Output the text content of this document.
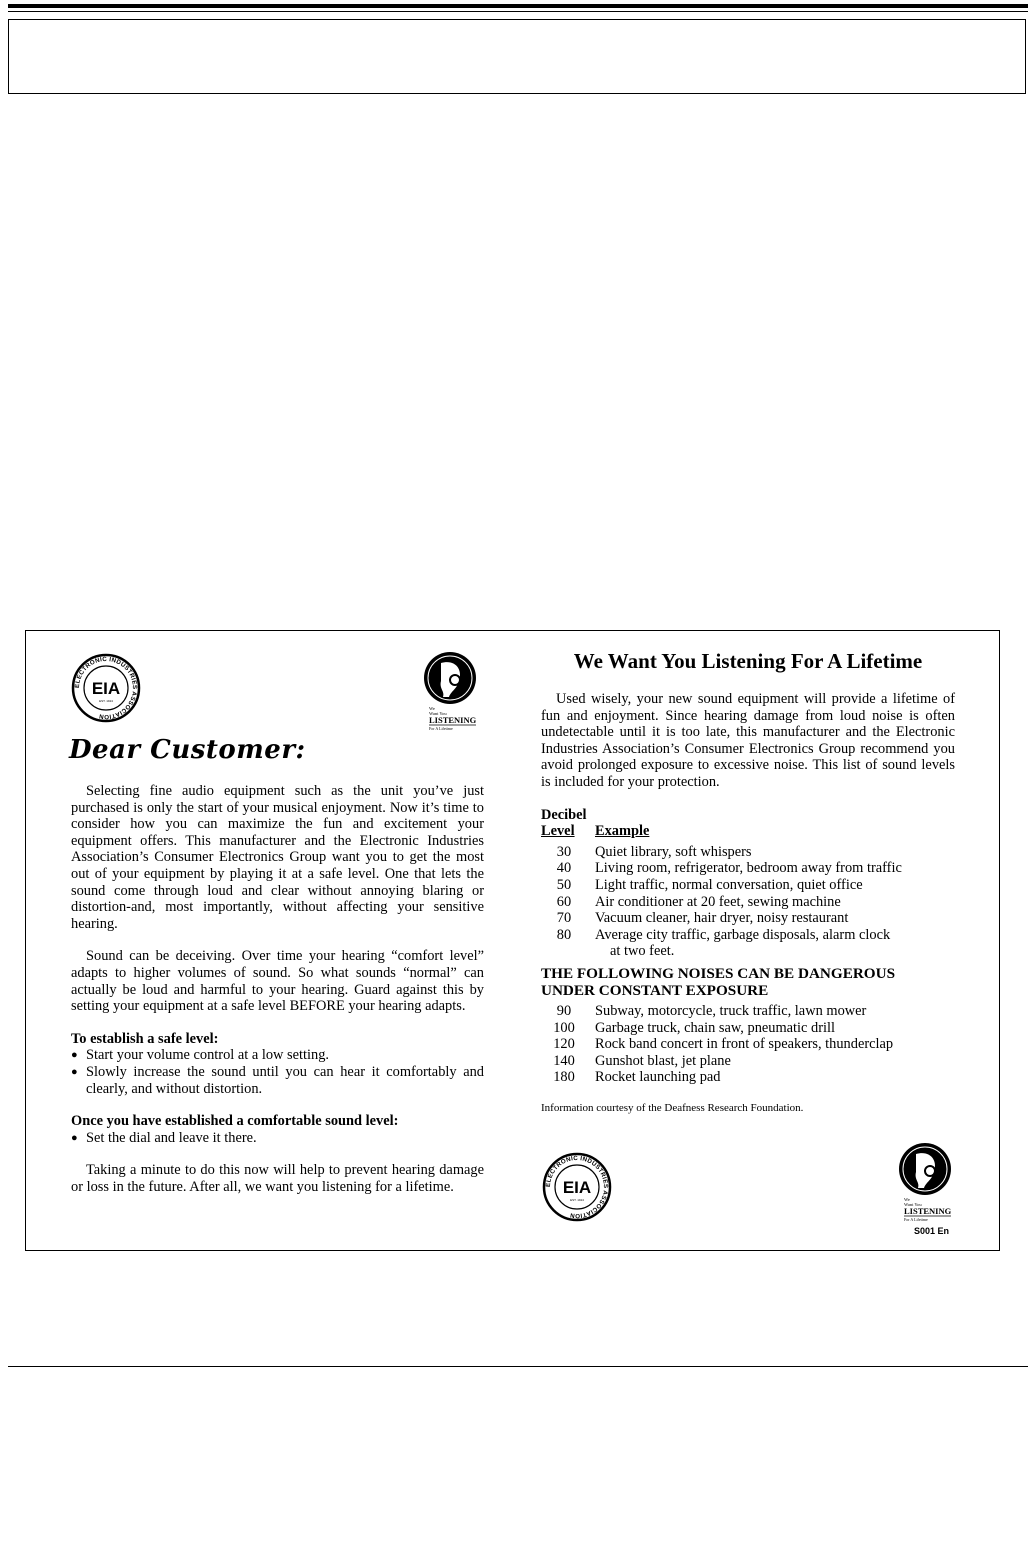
ELECTRONIC INDUSTRIES ASSOCIATION
EIA
EST. 1924
We
Want You
LISTENING
For A Lifetime
Dear Customer:

Selecting fine audio equipment such as the unit you’ve just purchased is only the start of your musical enjoyment. Now it’s time to consider how you can maximize the fun and excitement your equipment offers. This manufacturer and the Electronic Industries Association’s Consumer Electronics Group want you to get the most out of your equipment by playing it at a safe level. One that lets the sound come through loud and clear without annoying blaring or distortion-and, most importantly, without affecting your sensitive hearing.

Sound can be deceiving. Over time your hearing “comfort level” adapts to higher volumes of sound. So what sounds “normal” can actually be loud and harmful to your hearing. Guard against this by setting your equipment at a safe level BEFORE your hearing adapts.

To establish a safe level:

● Start your volume control at a low setting.
● Slowly increase the sound until you can hear it comfortably and clearly, and without distortion.

Once you have established a comfortable sound level:

● Set the dial and leave it there.

Taking a minute to do this now will help to prevent hearing damage or loss in the future. After all, we want you listening for a lifetime.

We Want You Listening For A Lifetime

Used wisely, your new sound equipment will provide a lifetime of fun and enjoyment. Since hearing damage from loud noise is often undetectable until it is too late, this manufacturer and the Electronic Industries Association’s Consumer Electronics Group recommend you avoid prolonged exposure to excessive noise. This list of sound levels is included for your protection.

Decibel
Level	Example
30	Quiet library, soft whispers
40	Living room, refrigerator, bedroom away from traffic
50	Light traffic, normal conversation, quiet office
60	Air conditioner at 20 feet, sewing machine
70	Vacuum cleaner, hair dryer, noisy restaurant
80	Average city traffic, garbage disposals, alarm clock
at two feet.
THE FOLLOWING NOISES CAN BE DANGEROUS
UNDER CONSTANT EXPOSURE
90	Subway, motorcycle, truck traffic, lawn mower
100	Garbage truck, chain saw, pneumatic drill
120	Rock band concert in front of speakers, thunderclap
140	Gunshot blast, jet plane
180	Rocket launching pad

Information courtesy of the Deafness Research Foundation.

ELECTRONIC INDUSTRIES ASSOCIATION
EIA
EST. 1924	We
Want You
LISTENING
For A Lifetime
S001 En
